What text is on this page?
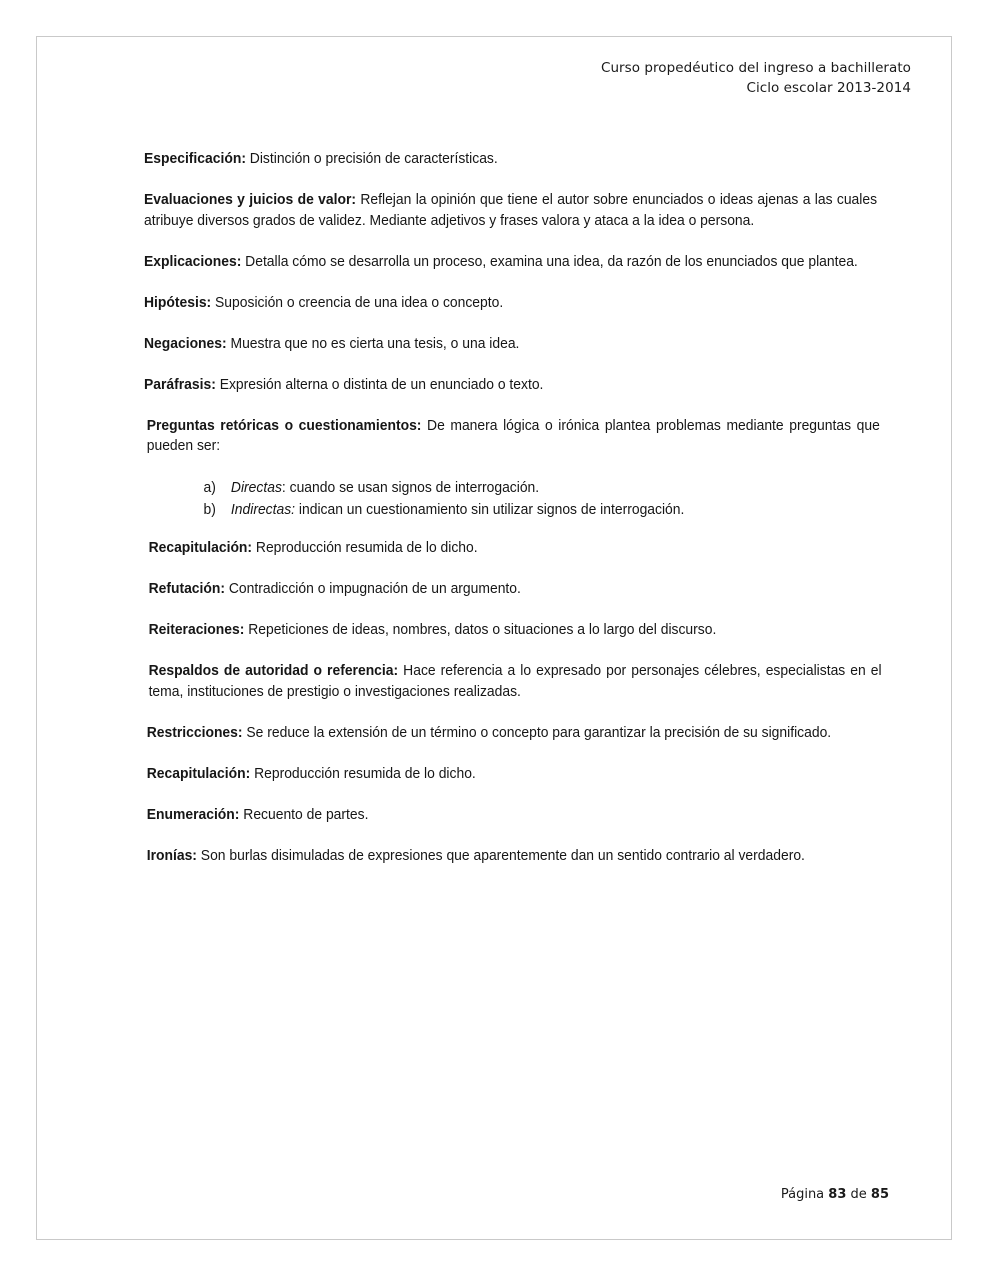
Curso propedéutico del ingreso a bachillerato
Ciclo escolar 2013-2014

Especificación: Distinción o precisión de características.

Evaluaciones y juicios de valor: Reflejan la opinión que tiene el autor sobre enunciados o ideas ajenas a las cuales atribuye diversos grados de validez. Mediante adjetivos y frases valora y ataca a la idea o persona.

Explicaciones: Detalla cómo se desarrolla un proceso, examina una idea, da razón de los enunciados que plantea.

Hipótesis: Suposición o creencia de una idea o concepto.

Negaciones: Muestra que no es cierta una tesis, o una idea.

Paráfrasis: Expresión alterna o distinta de un enunciado o texto.

Preguntas retóricas o cuestionamientos: De manera lógica o irónica plantea problemas mediante preguntas que pueden ser:

a) Directas: cuando se usan signos de interrogación.
b) Indirectas: indican un cuestionamiento sin utilizar signos de interrogación.

Recapitulación: Reproducción resumida de lo dicho.

Refutación: Contradicción o impugnación de un argumento.

Reiteraciones: Repeticiones de ideas, nombres, datos o situaciones a lo largo del discurso.

Respaldos de autoridad o referencia: Hace referencia a lo expresado por personajes célebres, especialistas en el tema, instituciones de prestigio o investigaciones realizadas.

Restricciones: Se reduce la extensión de un término o concepto para garantizar la precisión de su significado.

Recapitulación: Reproducción resumida de lo dicho.

Enumeración: Recuento de partes.

Ironías: Son burlas disimuladas de expresiones que aparentemente dan un sentido contrario al verdadero.

Página 83 de 85
